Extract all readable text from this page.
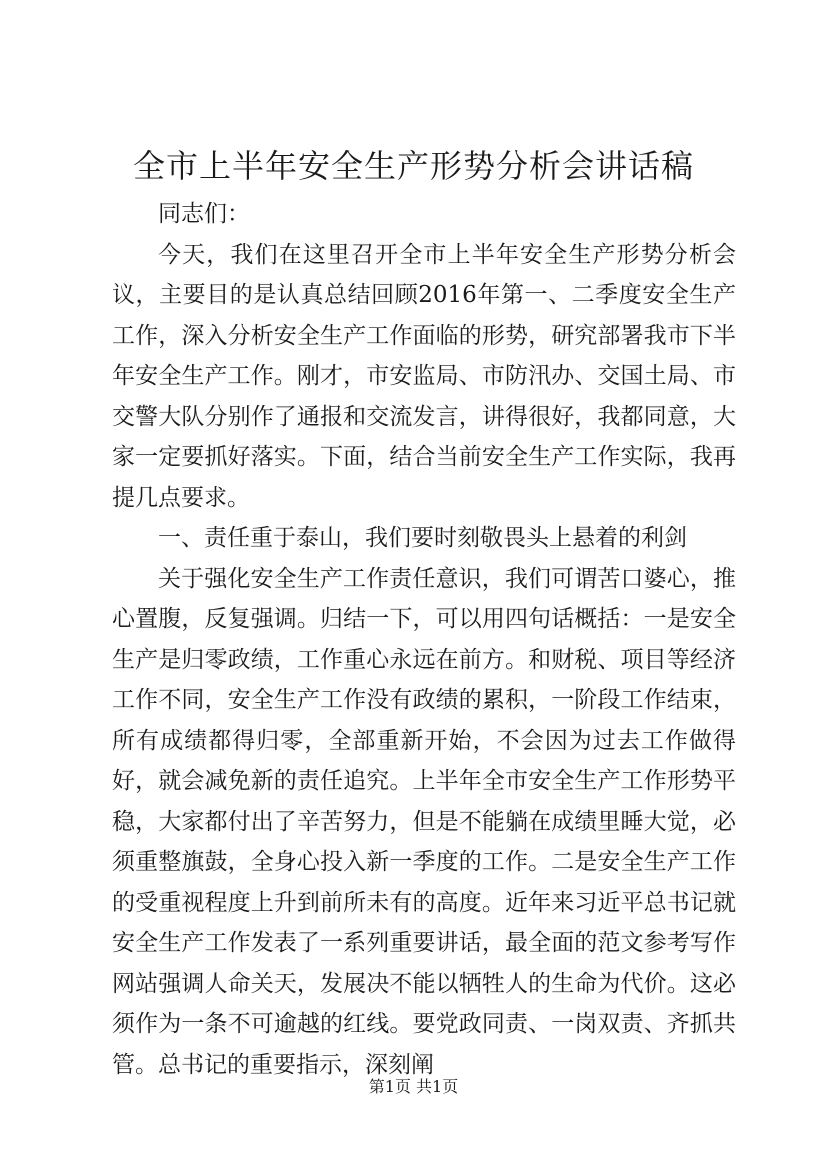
全市上半年安全生产形势分析会讲话稿

同志们：

今天，我们在这里召开全市上半年安全生产形势分析会议，主要目的是认真总结回顾2016年第一、二季度安全生产工作，深入分析安全生产工作面临的形势，研究部署我市下半年安全生产工作。刚才，市安监局、市防汛办、交国土局、市交警大队分别作了通报和交流发言，讲得很好，我都同意，大家一定要抓好落实。下面，结合当前安全生产工作实际，我再提几点要求。

一、责任重于泰山，我们要时刻敬畏头上悬着的利剑

关于强化安全生产工作责任意识，我们可谓苦口婆心，推心置腹，反复强调。归结一下，可以用四句话概括：一是安全生产是归零政绩，工作重心永远在前方。和财税、项目等经济工作不同，安全生产工作没有政绩的累积，一阶段工作结束，所有成绩都得归零，全部重新开始，不会因为过去工作做得好，就会减免新的责任追究。上半年全市安全生产工作形势平稳，大家都付出了辛苦努力，但是不能躺在成绩里睡大觉，必须重整旗鼓，全身心投入新一季度的工作。二是安全生产工作的受重视程度上升到前所未有的高度。近年来习近平总书记就安全生产工作发表了一系列重要讲话，最全面的范文参考写作网站强调人命关天，发展决不能以牺牲人的生命为代价。这必须作为一条不可逾越的红线。要党政同责、一岗双责、齐抓共管。总书记的重要指示，深刻阐

第1页 共1页
